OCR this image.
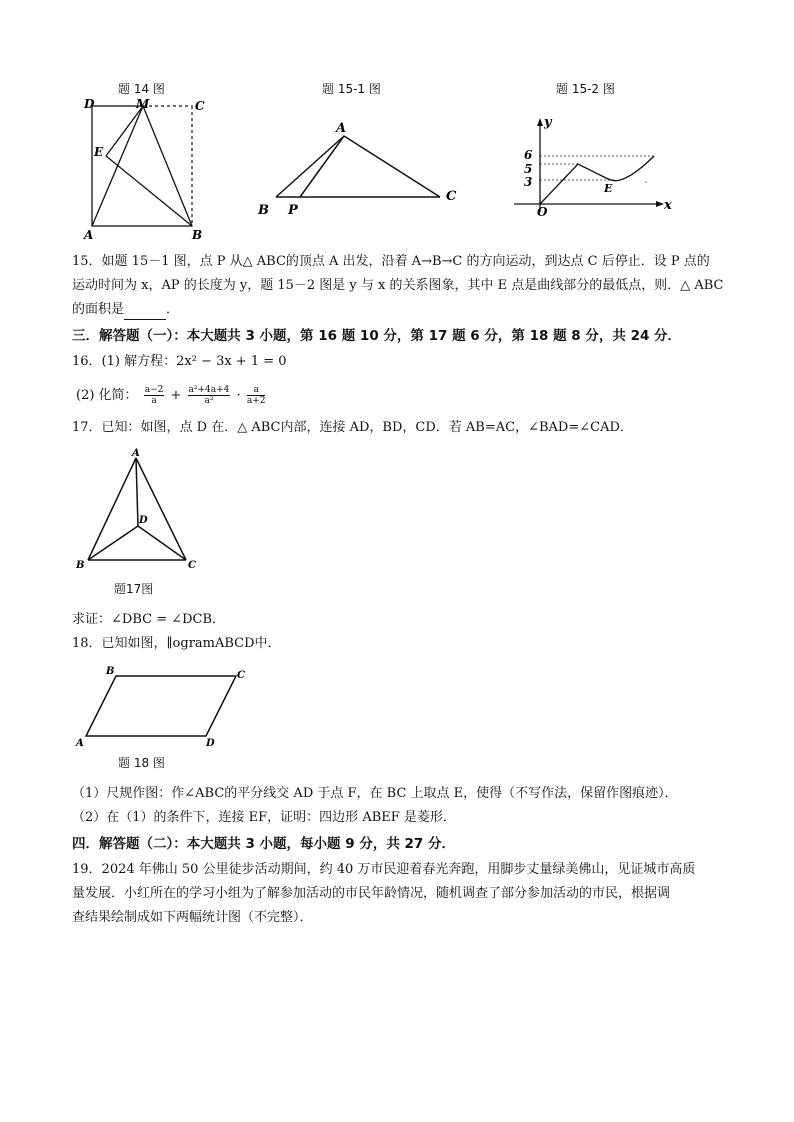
题 14 图	题 15-1 图	题 15-2 图
D	M	C
E
A	B
A
B P
C
y
x
O
E
6
5
3
15．如题 15－1 图，点 P 从△ ABC的顶点 A 出发，沿着 A→B→C 的方向运动，到达点 C 后停止．设 P 点的
运动时间为 x，AP 的长度为 y，题 15－2 图是 y 与 x 的关系图象，其中 E 点是曲线部分的最低点，则．△ ABC
的面积是	．
三．解答题（一）：本大题共 3 小题，第 16 题 10 分，第 17 题 6 分，第 18 题 8 分，共 24 分．
16．(1) 解方程：2x² − 3x + 1 = 0
(2) 化简： $\frac{a-2}{a} + \frac{\text{a²+4a+4}}{\text{a²}} \cdot \frac{a}{a+2}$
17．已知：如图，点 D 在．△ ABC内部，连接 AD，BD，CD．若 AB=AC，∠BAD=∠CAD．
A
B	C
D
题17图
求证：∠DBC = ∠DCB．
18．已知如图，∥ogramABCD中．
B	C
A	D
题 18 图
（1）尺规作图：作∠ABC的平分线交 AD 于点 F，在 BC 上取点 E，使得（不写作法，保留作图痕迹）．
（2）在（1）的条件下，连接 EF，证明：四边形 ABEF 是菱形．
四．解答题（二）：本大题共 3 小题，每小题 9 分，共 27 分．
19．2024 年佛山 50 公里徒步活动期间，约 40 万市民迎着春光奔跑，用脚步丈量绿美佛山，见证城市高质
量发展．小红所在的学习小组为了解参加活动的市民年龄情况，随机调查了部分参加活动的市民，根据调
查结果绘制成如下两幅统计图（不完整）．
